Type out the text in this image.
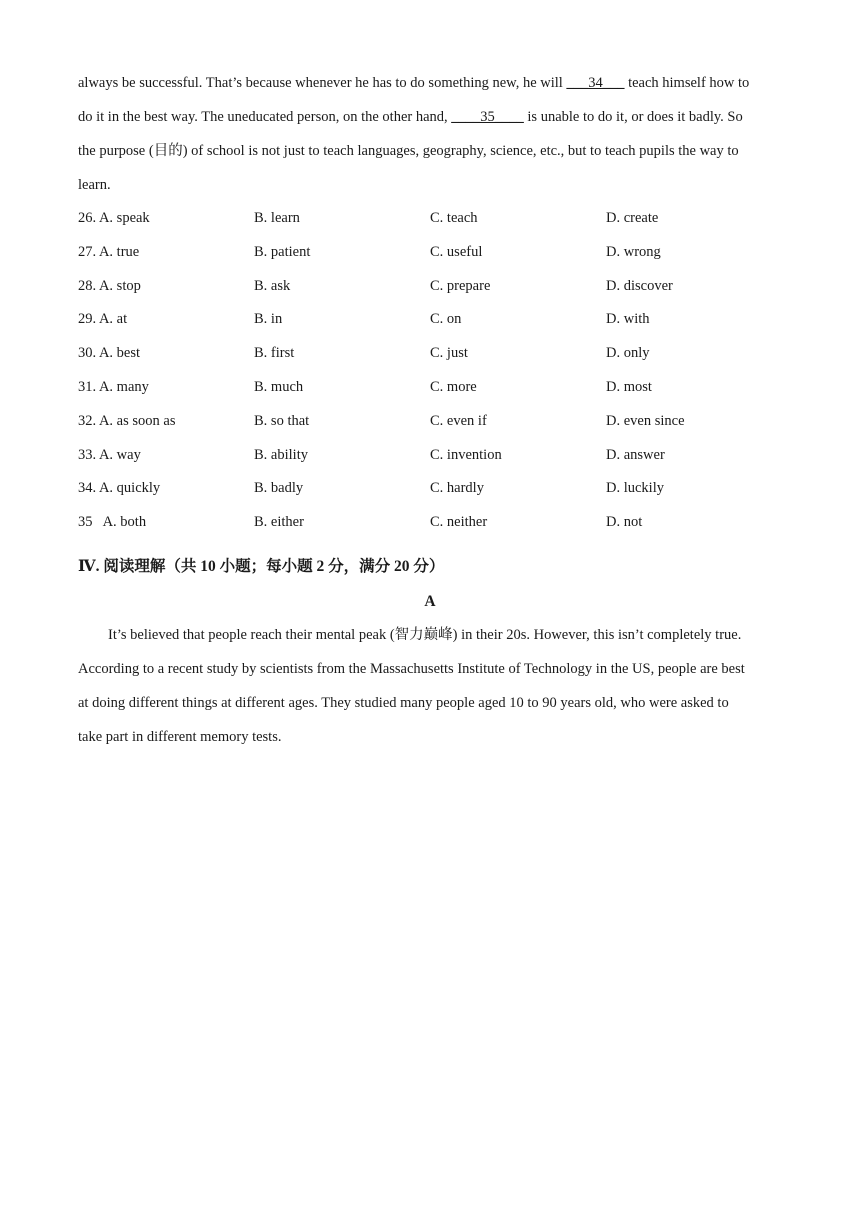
always be successful. That’s because whenever he has to do something new, he will ___34___ teach himself how to
do it in the best way. The uneducated person, on the other hand, ____35____ is unable to do it, or does it badly. So
the purpose (目的) of school is not just to teach languages, geography, science, etc., but to teach pupils the way to
learn.
26. A. speak	B. learn	C. teach	D. create
27. A. true	B. patient	C. useful	D. wrong
28. A. stop	B. ask	C. prepare	D. discover
29. A. at	B. in	C. on	D. with
30. A. best	B. first	C. just	D. only
31. A. many	B. much	C. more	D. most
32. A. as soon as	B. so that	C. even if	D. even since
33. A. way	B. ability	C. invention	D. answer
34. A. quickly	B. badly	C. hardly	D. luckily
35   A. both	B. either	C. neither	D. not
Ⅳ. 阅读理解（共 10 小题；每小题 2 分，满分 20 分）
A
It’s believed that people reach their mental peak (智力巅峰) in their 20s. However, this isn’t completely true.
According to a recent study by scientists from the Massachusetts Institute of Technology in the US, people are best
at doing different things at different ages. They studied many people aged 10 to 90 years old, who were asked to
take part in different memory tests.
